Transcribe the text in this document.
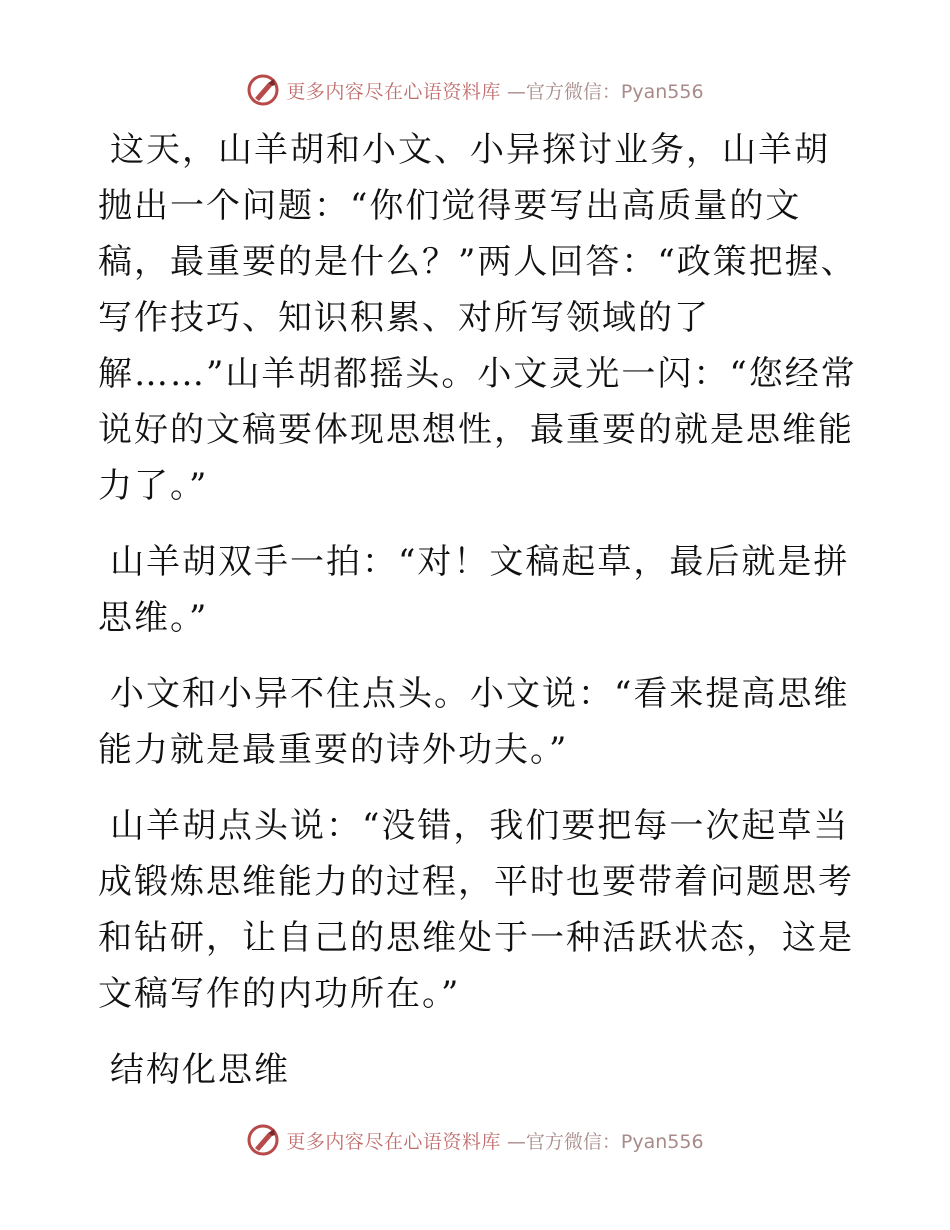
更多内容尽在心语资料库 —官方微信：Pyan556

这天，山羊胡和小文、小异探讨业务，山羊胡抛出一个问题：“你们觉得要写出高质量的文稿，最重要的是什么？”两人回答：“政策把握、写作技巧、知识积累、对所写领域的了解……”山羊胡都摇头。小文灵光一闪：“您经常说好的文稿要体现思想性，最重要的就是思维能力了。”

山羊胡双手一拍：“对！文稿起草，最后就是拼思维。”

小文和小异不住点头。小文说：“看来提高思维能力就是最重要的诗外功夫。”

山羊胡点头说：“没错，我们要把每一次起草当成锻炼思维能力的过程，平时也要带着问题思考和钻研，让自己的思维处于一种活跃状态，这是文稿写作的内功所在。”

结构化思维

更多内容尽在心语资料库 —官方微信：Pyan556
